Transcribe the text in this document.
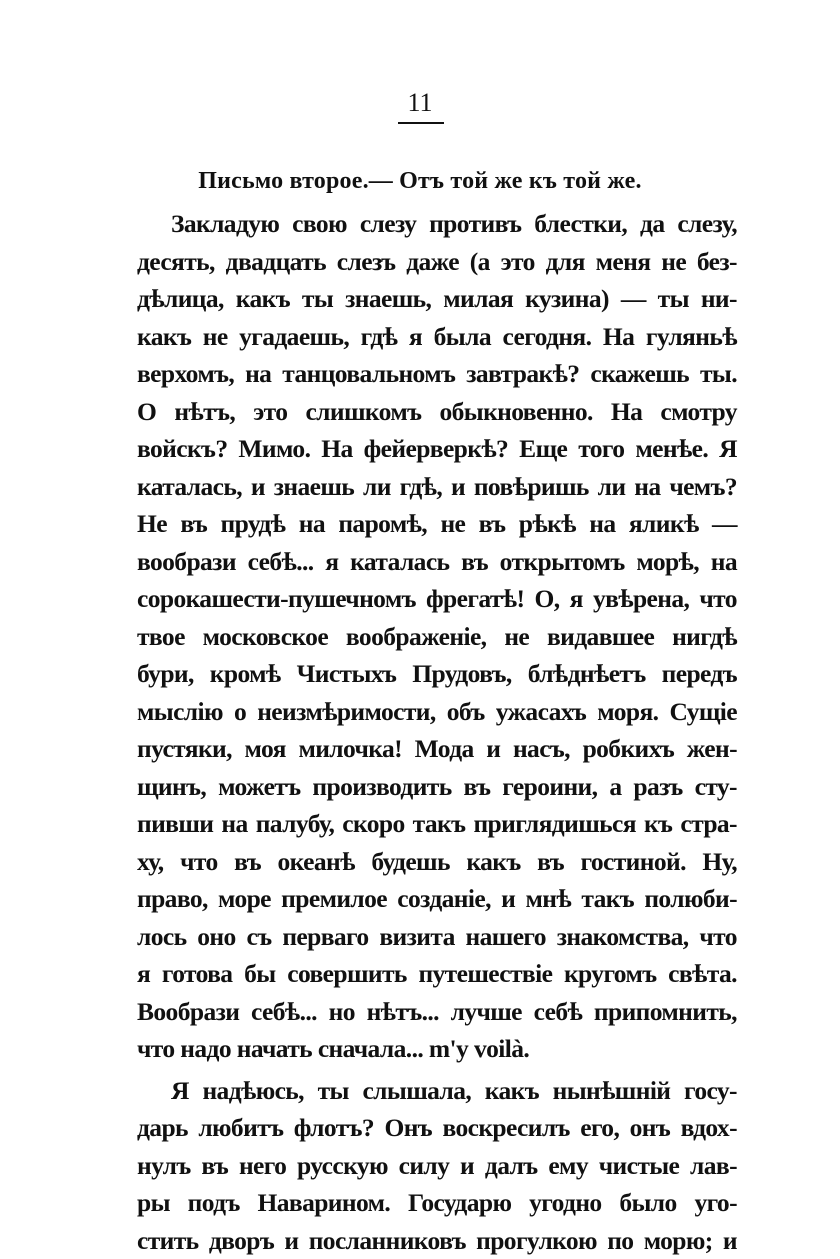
11
Письмо второе.— Отъ той же къ той же.
Закладую свою слезу противъ блестки, да слезу,
десять, двадцать слезъ даже (а это для меня не без-
дѣлица, какъ ты знаешь, милая кузина) — ты ни-
какъ не угадаешь, гдѣ я была сегодня. На гуляньѣ
верхомъ, на танцовальномъ завтракѣ? скажешь ты.
О нѣтъ, это слишкомъ обыкновенно. На смотру
войскъ? Мимо. На фейерверкѣ? Еще того менѣе. Я
каталась, и знаешь ли гдѣ, и повѣришь ли на чемъ?
Не въ прудѣ на паромѣ, не въ рѣкѣ на яликѣ —
вообрази себѣ... я каталась въ открытомъ морѣ, на
сорокашести-пушечномъ фрегатѣ! О, я увѣрена, что
твое московское воображеніе, не видавшее нигдѣ
бури, кромѣ Чистыхъ Прудовъ, блѣднѣетъ передъ
мыслію о неизмѣримости, объ ужасахъ моря. Сущіе
пустяки, моя милочка! Мода и насъ, робкихъ жен-
щинъ, можетъ производить въ героини, а разъ сту-
пивши на палубу, скоро такъ приглядишься къ стра-
ху, что въ океанѣ будешь какъ въ гостиной. Ну,
право, море премилое созданіе, и мнѣ такъ полюби-
лось оно съ перваго визита нашего знакомства, что
я готова бы совершить путешествіе кругомъ свѣта.
Вообрази себѣ... но нѣтъ... лучше себѣ припомнить,
что надо начать сначала... m'y voilà.
Я надѣюсь, ты слышала, какъ нынѣшній госу-
дарь любитъ флотъ? Онъ воскресилъ его, онъ вдох-
нулъ въ него русскую силу и далъ ему чистые лав-
ры подъ Наварином. Государю угодно было уго-
стить дворъ и посланниковъ прогулкою по морю; и
